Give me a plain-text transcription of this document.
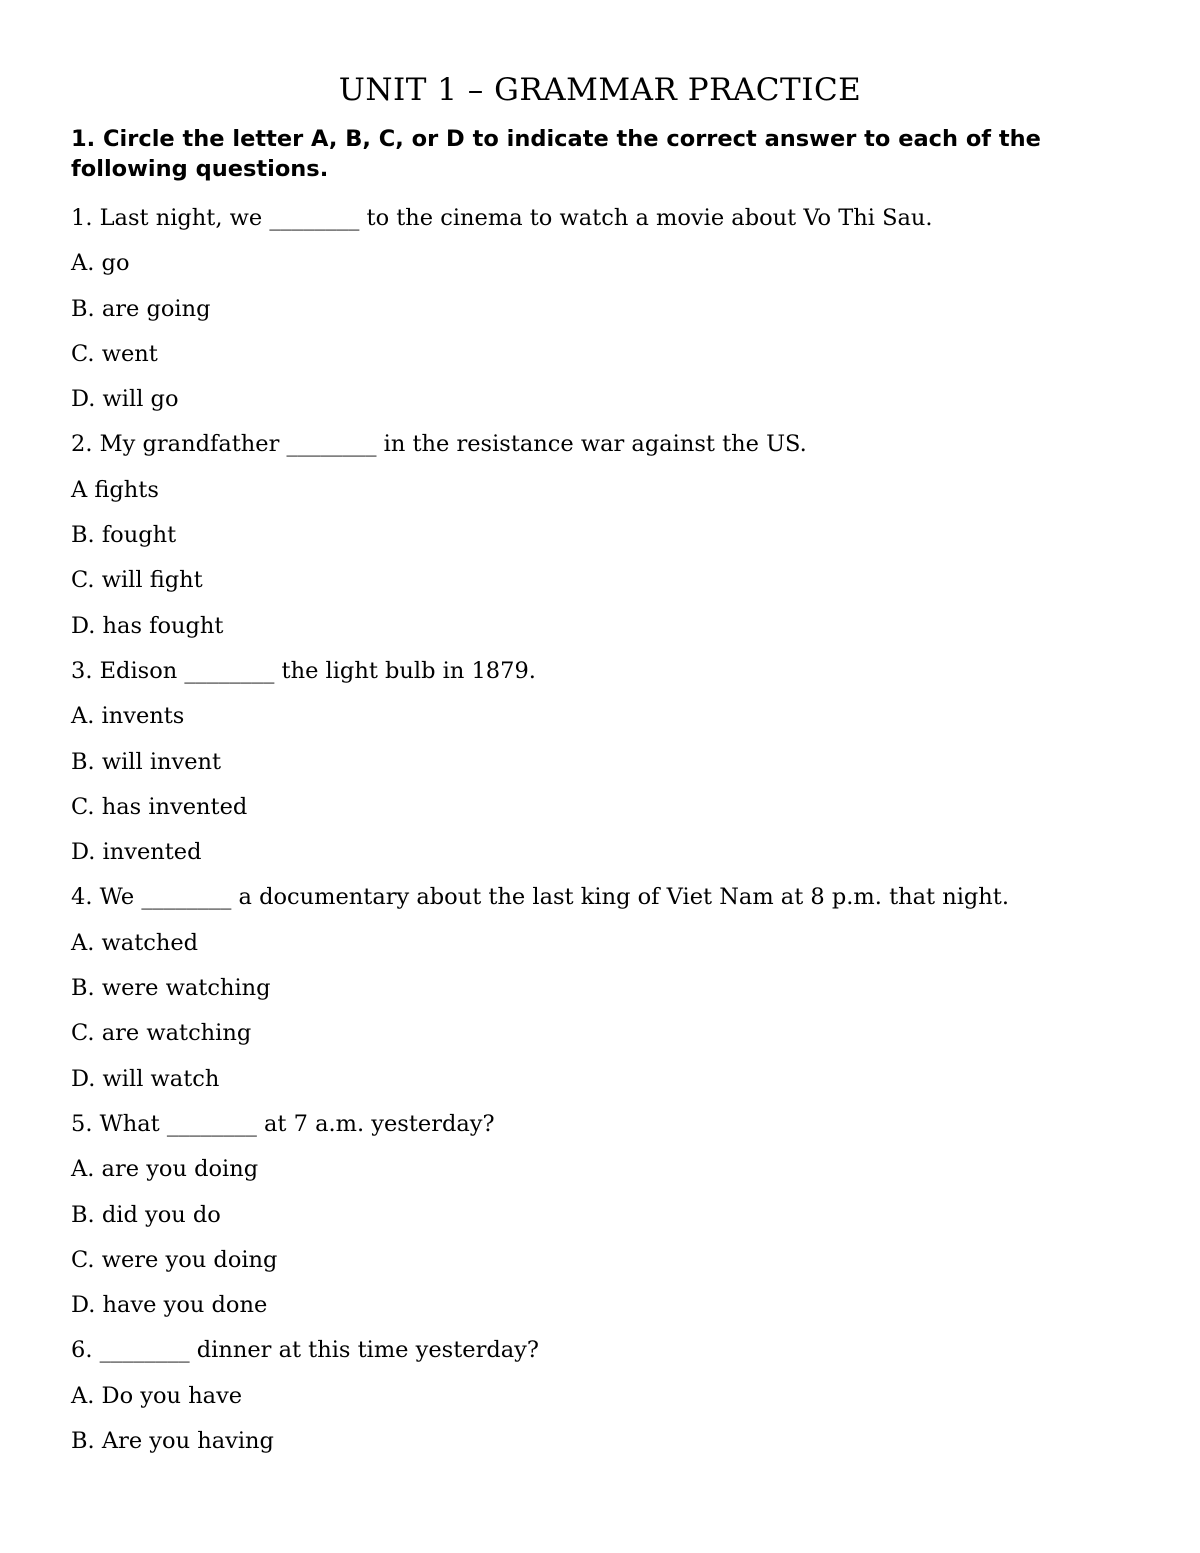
UNIT 1 – GRAMMAR PRACTICE
1. Circle the letter A, B, C, or D to indicate the correct answer to each of the following questions.
1. Last night, we ________ to the cinema to watch a movie about Vo Thi Sau.
A. go
B. are going
C. went
D. will go
2. My grandfather ________ in the resistance war against the US.
A fights
B. fought
C. will fight
D. has fought
3. Edison ________ the light bulb in 1879.
A. invents
B. will invent
C. has invented
D. invented
4. We ________ a documentary about the last king of Viet Nam at 8 p.m. that night.
A. watched
B. were watching
C. are watching
D. will watch
5. What ________ at 7 a.m. yesterday?
A. are you doing
B. did you do
C. were you doing
D. have you done
6. ________ dinner at this time yesterday?
A. Do you have
B. Are you having
